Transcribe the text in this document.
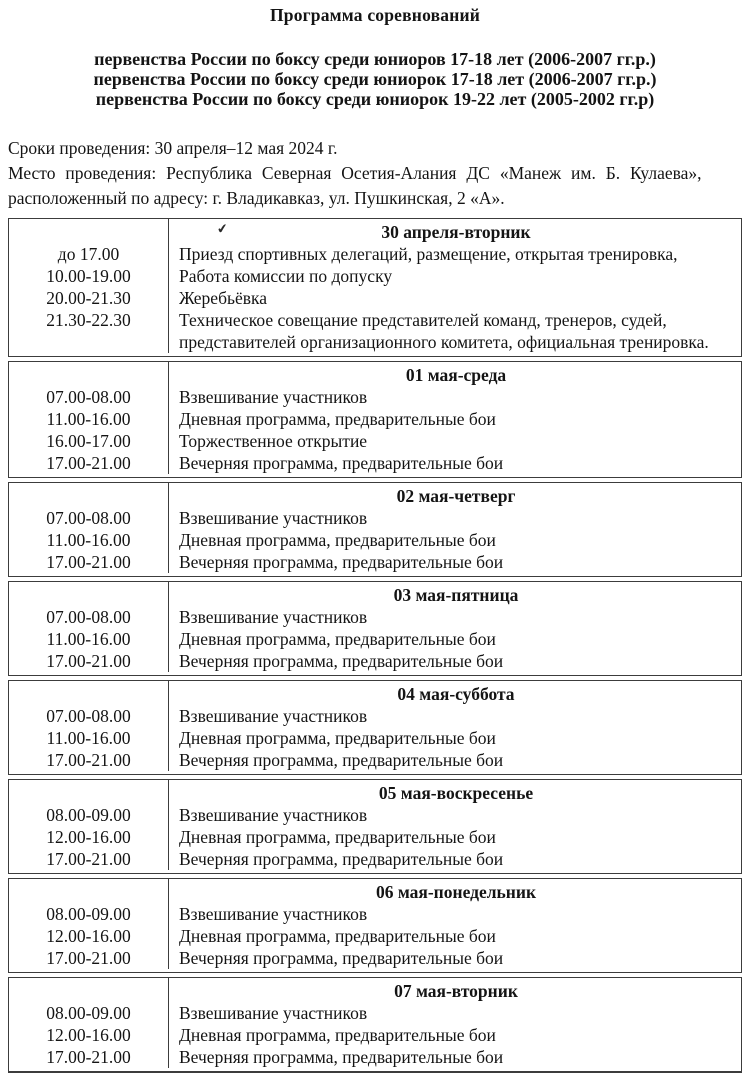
Программа соревнований
первенства России по боксу среди юниоров 17-18 лет (2006-2007 гг.р.)
первенства России по боксу среди юниорок 17-18 лет (2006-2007 гг.р.)
первенства России по боксу среди юниорок 19-22 лет (2005-2002 гг.р)
Сроки проведения: 30 апреля–12 мая 2024 г.
Место проведения: Республика Северная Осетия-Алания ДС «Манеж им. Б. Кулаева»,
расположенный по адресу: г. Владикавказ, ул. Пушкинская, 2 «А».
✔	30 апреля-вторник
до 17.00	Приезд спортивных делегаций, размещение, открытая тренировка,
10.00-19.00	Работа комиссии по допуску
20.00-21.30	Жеребьёвка
21.30-22.30	Техническое совещание представителей команд, тренеров, судей, представителей организационного комитета, официальная тренировка.
01 мая-среда
07.00-08.00	Взвешивание участников
11.00-16.00	Дневная программа, предварительные бои
16.00-17.00	Торжественное открытие
17.00-21.00	Вечерняя программа, предварительные бои
02 мая-четверг
07.00-08.00	Взвешивание участников
11.00-16.00	Дневная программа, предварительные бои
17.00-21.00	Вечерняя программа, предварительные бои
03 мая-пятница
07.00-08.00	Взвешивание участников
11.00-16.00	Дневная программа, предварительные бои
17.00-21.00	Вечерняя программа, предварительные бои
04 мая-суббота
07.00-08.00	Взвешивание участников
11.00-16.00	Дневная программа, предварительные бои
17.00-21.00	Вечерняя программа, предварительные бои
05 мая-воскресенье
08.00-09.00	Взвешивание участников
12.00-16.00	Дневная программа, предварительные бои
17.00-21.00	Вечерняя программа, предварительные бои
06 мая-понедельник
08.00-09.00	Взвешивание участников
12.00-16.00	Дневная программа, предварительные бои
17.00-21.00	Вечерняя программа, предварительные бои
07 мая-вторник
08.00-09.00	Взвешивание участников
12.00-16.00	Дневная программа, предварительные бои
17.00-21.00	Вечерняя программа, предварительные бои
